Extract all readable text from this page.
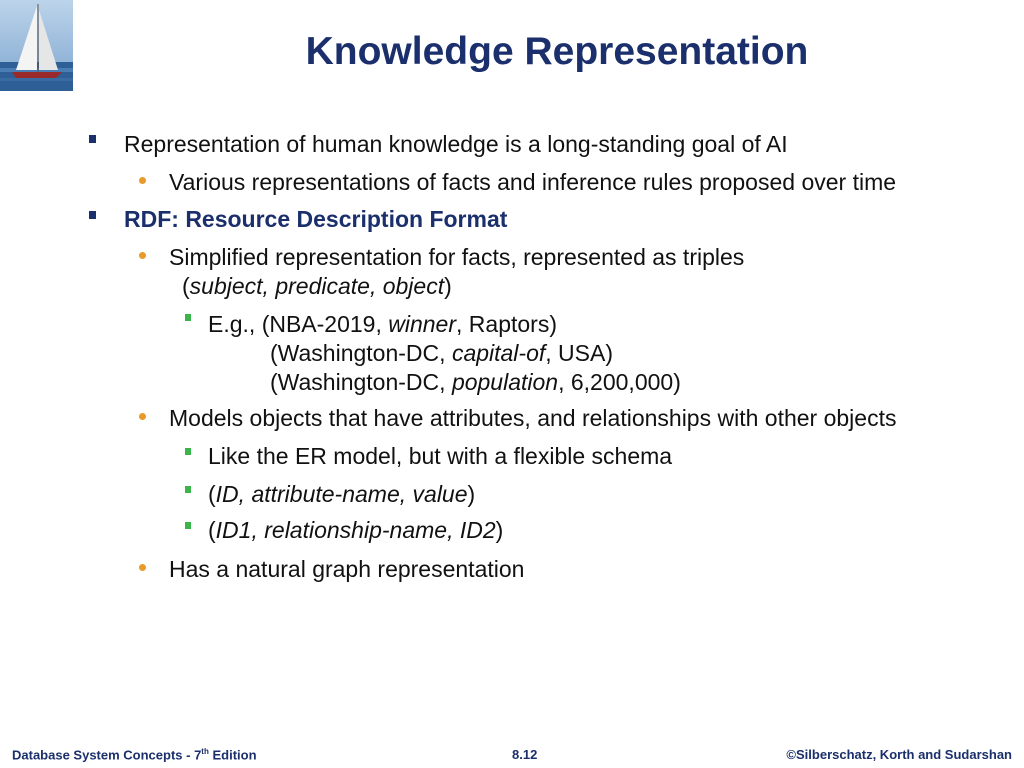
Knowledge Representation
Representation of human knowledge is a long-standing goal of AI
Various representations of facts and inference rules proposed over time
RDF: Resource Description Format
Simplified representation for facts, represented as triples
(subject, predicate, object)
E.g., (NBA-2019, winner, Raptors)
(Washington-DC, capital-of, USA)
(Washington-DC, population, 6,200,000)
Models objects that have attributes, and relationships with other objects
Like the ER model, but with a flexible schema
(ID, attribute-name, value)
(ID1, relationship-name, ID2)
Has a natural graph representation
Database System Concepts - 7th Edition	8.12	©Silberschatz, Korth and Sudarshan
